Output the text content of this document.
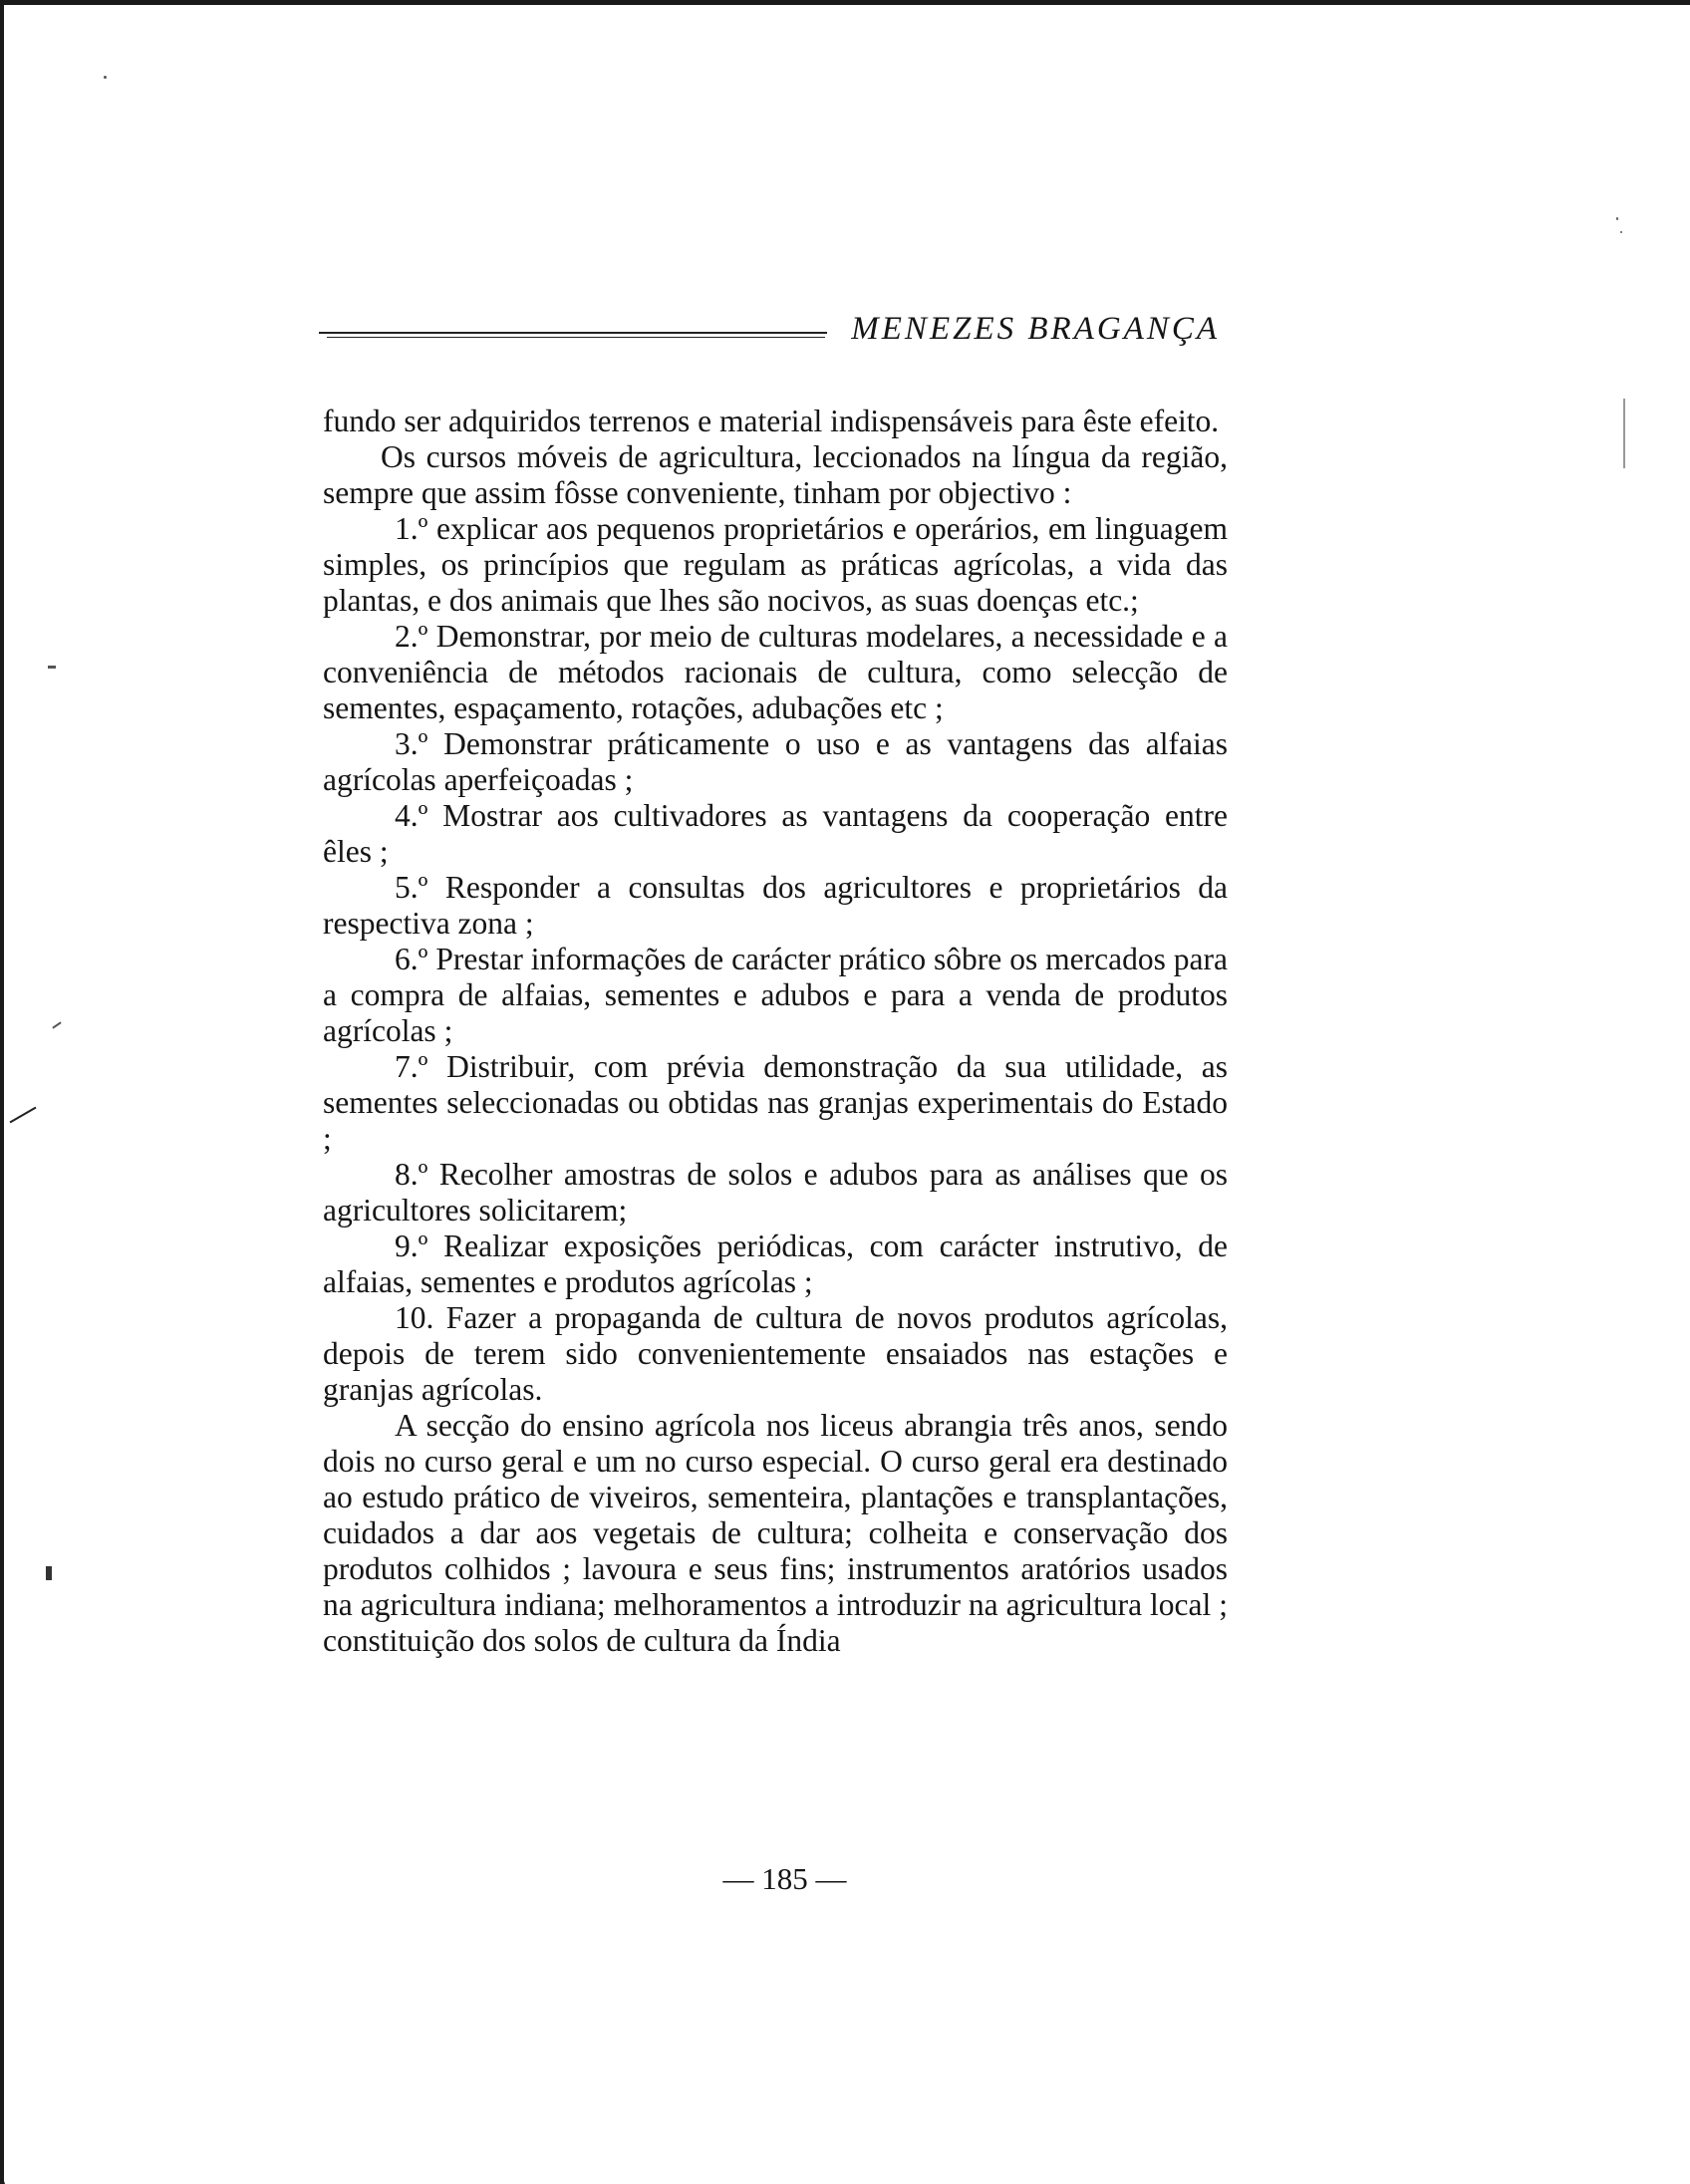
MENEZES BRAGANÇA

fundo ser adquiridos terrenos e material indispensáveis para êste efeito.

Os cursos móveis de agricultura, leccionados na língua da região, sempre que assim fôsse conveniente, tinham por objectivo :

1.º explicar aos pequenos proprietários e operários, em linguagem simples, os princípios que regulam as práticas agrícolas, a vida das plantas, e dos animais que lhes são nocivos, as suas doenças etc.;

2.º Demonstrar, por meio de culturas modelares, a necessidade e a conveniência de métodos racionais de cultura, como selecção de sementes, espaçamento, rotações, adubações etc ;

3.º Demonstrar práticamente o uso e as vantagens das alfaias agrícolas aperfeiçoadas ;

4.º Mostrar aos cultivadores as vantagens da cooperação entre êles ;

5.º Responder a consultas dos agricultores e proprietários da respectiva zona ;

6.º Prestar informações de carácter prático sôbre os mercados para a compra de alfaias, sementes e adubos e para a venda de produtos agrícolas ;

7.º Distribuir, com prévia demonstração da sua utilidade, as sementes seleccionadas ou obtidas nas granjas experimentais do Estado ;

8.º Recolher amostras de solos e adubos para as análises que os agricultores solicitarem;

9.º Realizar exposições periódicas, com carácter instrutivo, de alfaias, sementes e produtos agrícolas ;

10. Fazer a propaganda de cultura de novos produtos agrícolas, depois de terem sido convenientemente ensaiados nas estações e granjas agrícolas.

A secção do ensino agrícola nos liceus abrangia três anos, sendo dois no curso geral e um no curso especial. O curso geral era destinado ao estudo prático de viveiros, sementeira, plantações e transplantações, cuidados a dar aos vegetais de cultura; colheita e conservação dos produtos colhidos ; lavoura e seus fins; instrumentos aratórios usados na agricultura indiana; melhoramentos a introduzir na agricultura local ; constituição dos solos de cultura da Índia

— 185 —
